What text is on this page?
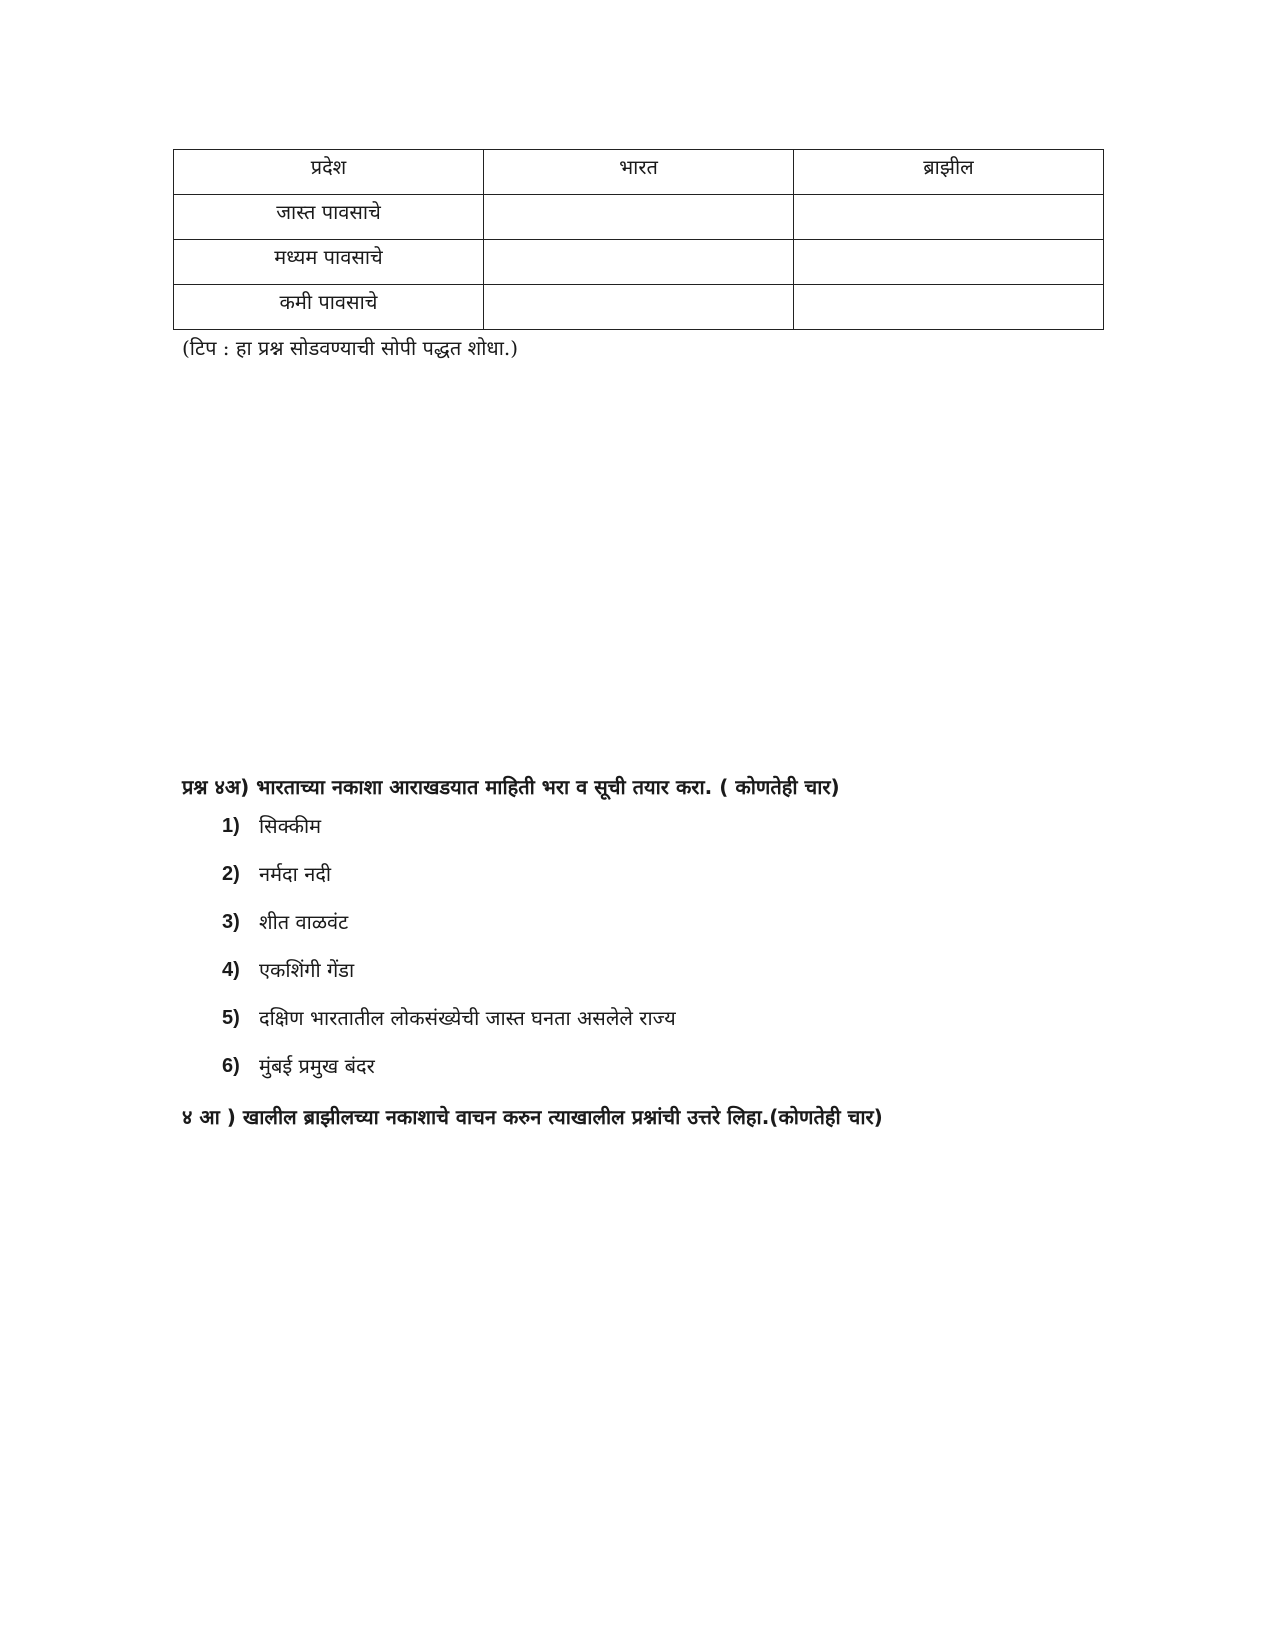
प्रदेश	भारत	ब्राझील
जास्त पावसाचे		
मध्यम पावसाचे		
कमी पावसाचे		
(टिप : हा प्रश्न सोडवण्याची सोपी पद्धत शोधा.)
प्रश्न ४अ) भारताच्या नकाशा आराखडयात माहिती भरा व सूची तयार करा. ( कोणतेही चार)
1) सिक्कीम
2) नर्मदा नदी
3) शीत वाळवंट
4) एकशिंगी गेंडा
5) दक्षिण भारतातील लोकसंख्येची जास्त घनता असलेले राज्य
6) मुंबई प्रमुख बंदर
४ आ ) खालील ब्राझीलच्या नकाशाचे वाचन करुन त्याखालील प्रश्नांची उत्तरे लिहा.(कोणतेही चार)
